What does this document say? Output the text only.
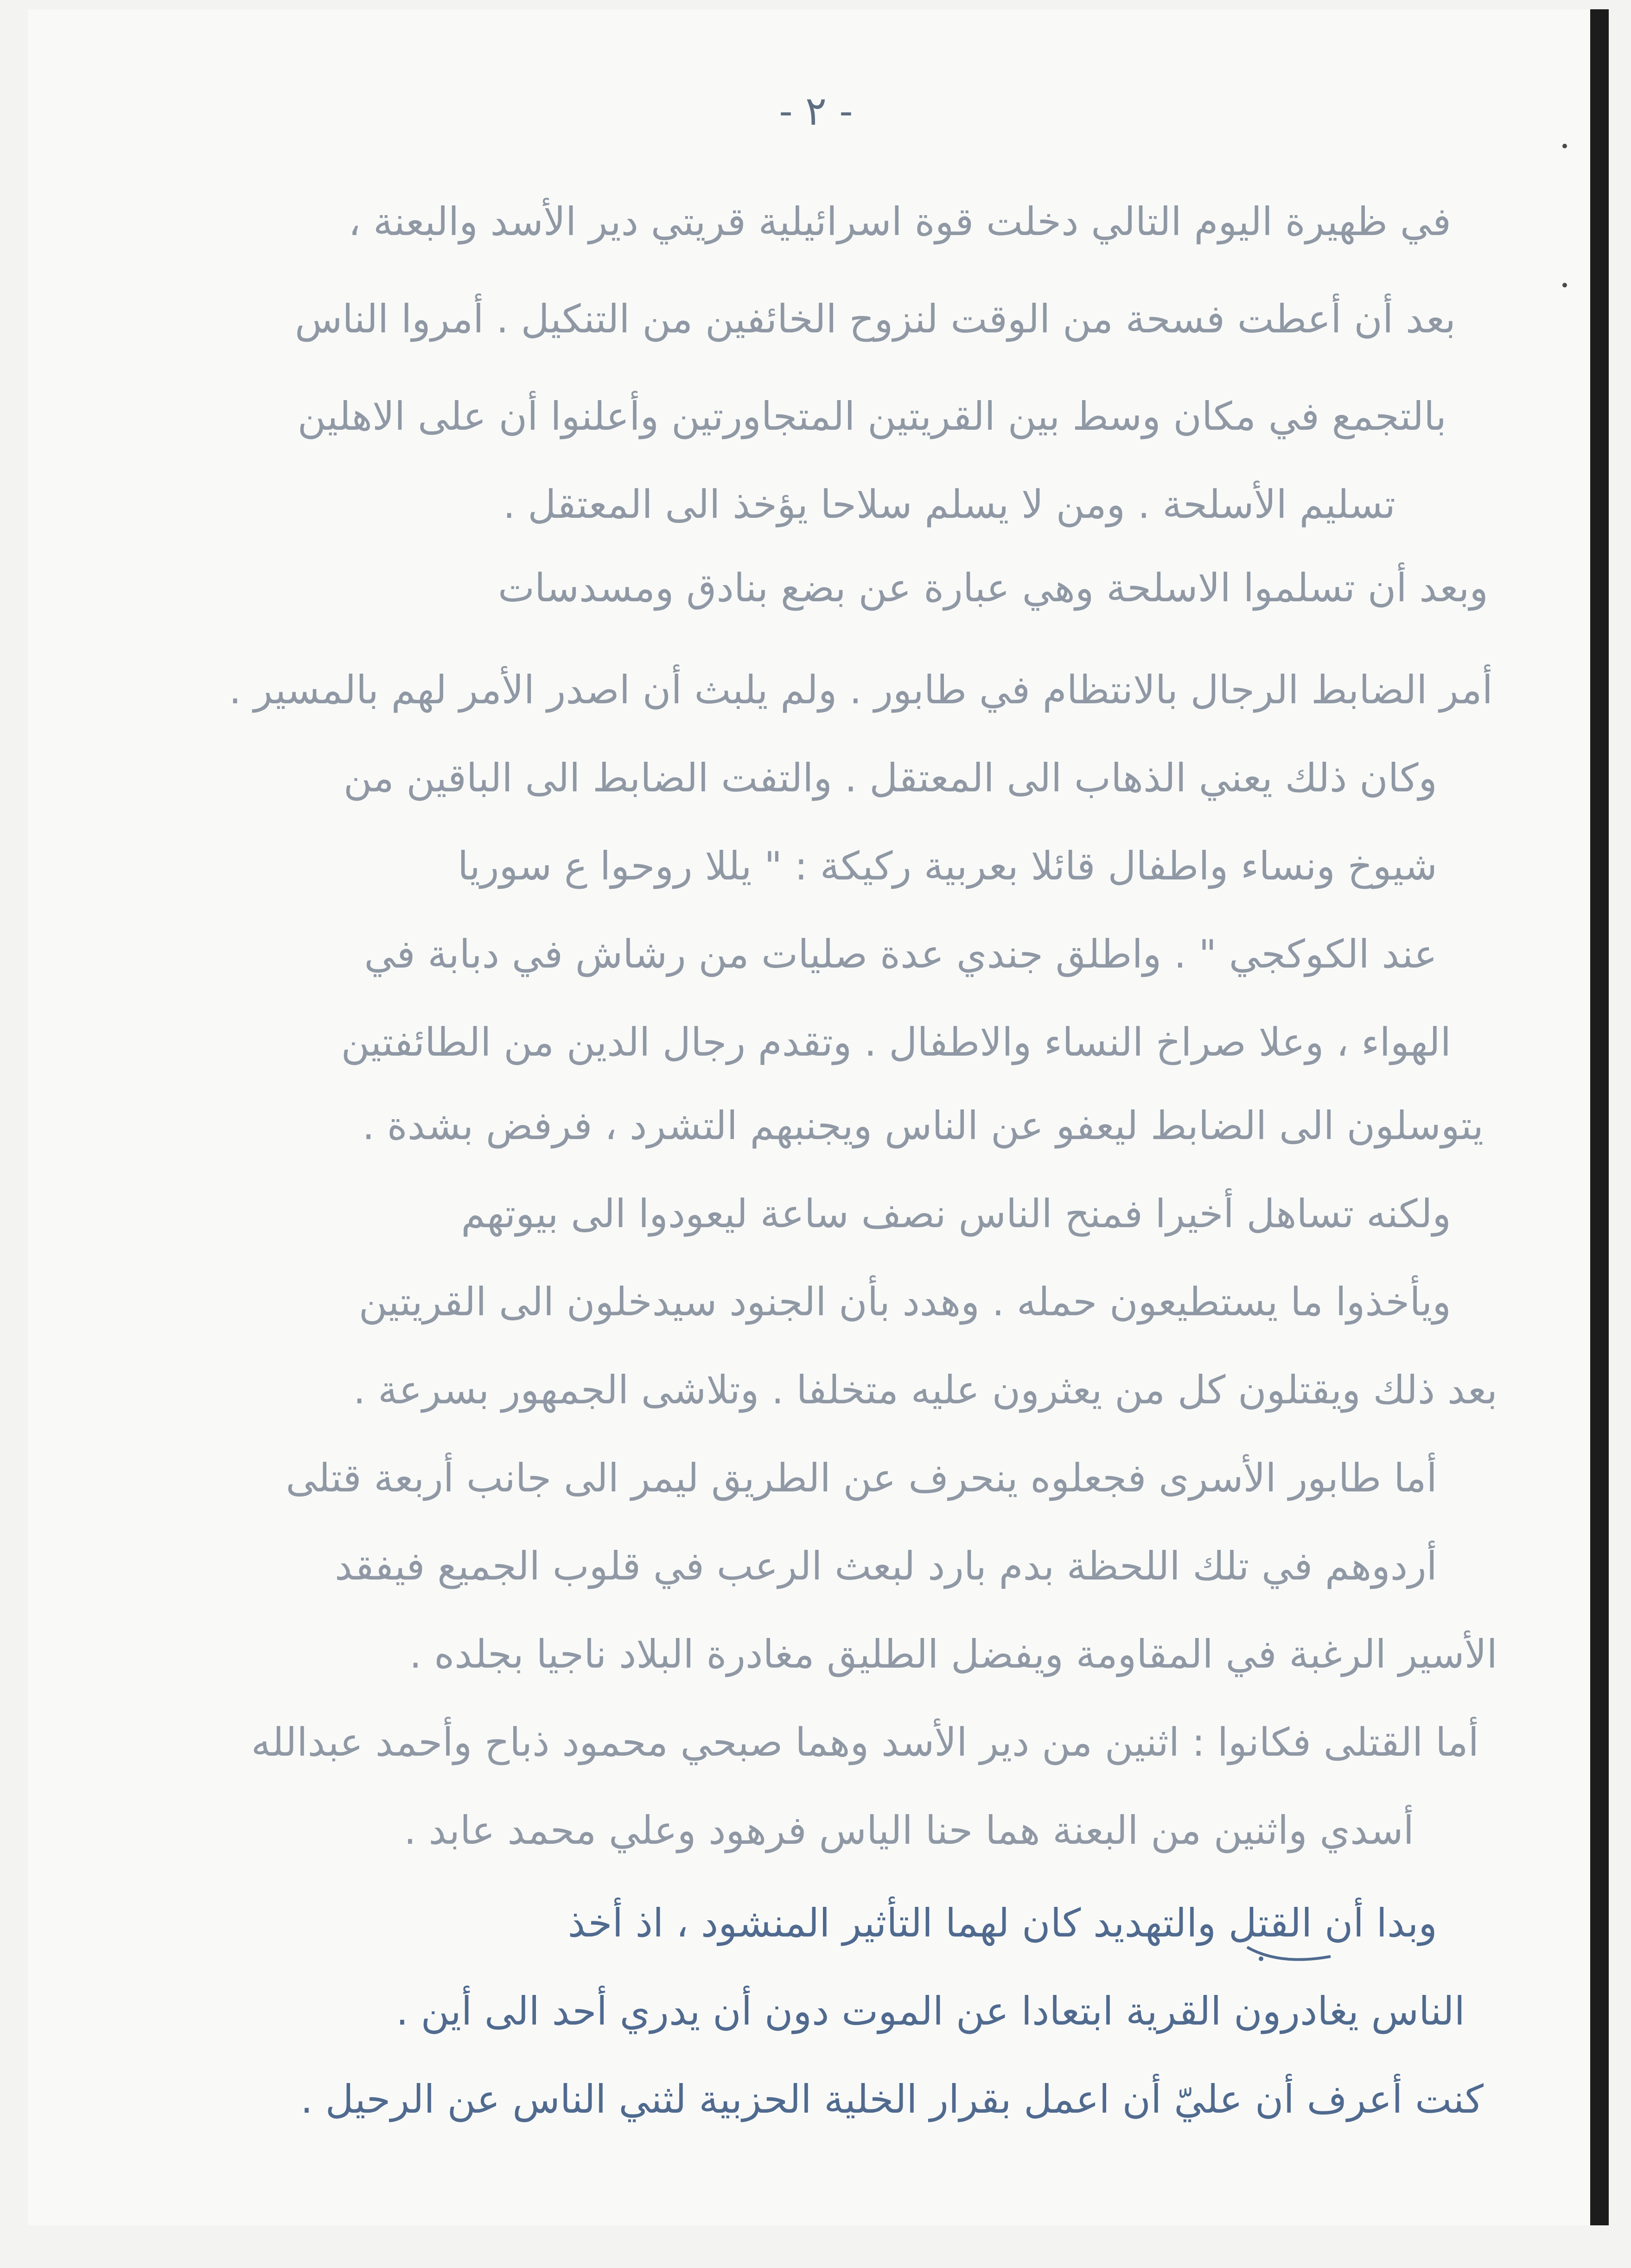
- ٢ -
في ظهيرة اليوم التالي دخلت قوة اسرائيلية قريتي دير الأسد والبعنة ،
بعد أن أعطت فسحة من الوقت لنزوح الخائفين من التنكيل . أمروا الناس
بالتجمع في مكان وسط بين القريتين المتجاورتين وأعلنوا أن على الاهلين
تسليم الأسلحة . ومن لا يسلم سلاحا يؤخذ الى المعتقل .
وبعد أن تسلموا الاسلحة وهي عبارة عن بضع بنادق ومسدسات
أمر الضابط الرجال بالانتظام في طابور . ولم يلبث أن اصدر الأمر لهم بالمسير .
وكان ذلك يعني الذهاب الى المعتقل . والتفت الضابط الى الباقين من
شيوخ ونساء واطفال قائلا بعربية ركيكة : " يللا روحوا ع سوريا
عند الكوكجي " . واطلق جندي عدة صليات من رشاش في دبابة في
الهواء ، وعلا صراخ النساء والاطفال . وتقدم رجال الدين من الطائفتين
يتوسلون الى الضابط ليعفو عن الناس ويجنبهم التشرد ، فرفض بشدة .
ولكنه تساهل أخيرا فمنح الناس نصف ساعة ليعودوا الى بيوتهم
ويأخذوا ما يستطيعون حمله . وهدد بأن الجنود سيدخلون الى القريتين
بعد ذلك ويقتلون كل من يعثرون عليه متخلفا . وتلاشى الجمهور بسرعة .
أما طابور الأسرى فجعلوه ينحرف عن الطريق ليمر الى جانب أربعة قتلى
أردوهم في تلك اللحظة بدم بارد لبعث الرعب في قلوب الجميع فيفقد
الأسير الرغبة في المقاومة ويفضل الطليق مغادرة البلاد ناجيا بجلده .
أما القتلى فكانوا : اثنين من دير الأسد وهما صبحي محمود ذباح وأحمد عبدالله
أسدي واثنين من البعنة هما حنا الياس فرهود وعلي محمد عابد .
وبدا أن القتل والتهديد كان لهما التأثير المنشود ، اذ أخذ
الناس يغادرون القرية ابتعادا عن الموت دون أن يدري أحد الى أين .
كنت أعرف أن عليّ أن اعمل بقرار الخلية الحزبية لثني الناس عن الرحيل .
